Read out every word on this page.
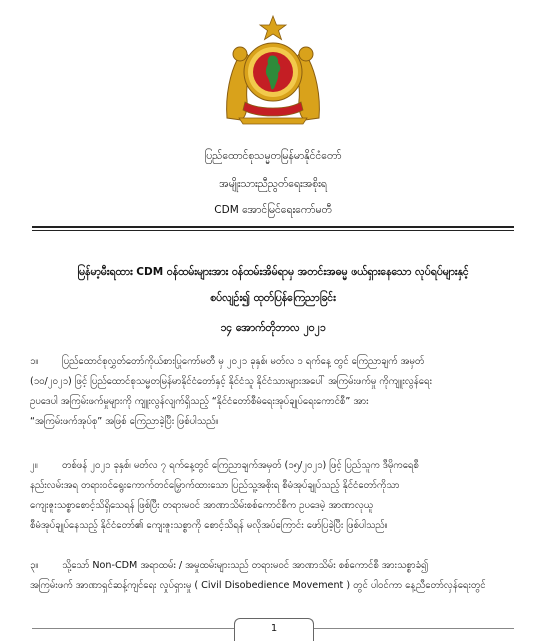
ပြည်ထောင်စုသမ္မတမြန်မာနိုင်ငံတော်
အမျိုးသားညီညွတ်ရေးအစိုးရ
CDM အောင်မြင်ရေးကော်မတီ
မြန်မာ့မီးရထား CDM ဝန်ထမ်းများအား ဝန်ထမ်းအိမ်ရာမှ အတင်းအဓမ္မ ဖယ်ရှားနေသော လုပ်ရပ်များနှင့်
စပ်လျဉ်း၍ ထုတ်ပြန်ကြေညာခြင်း
၁၄ အောက်တိုဘာလ ၂၀၂၁
၁။ ပြည်ထောင်စုလွှတ်တော်ကိုယ်စားပြုကော်မတီ မှ ၂၀၂၁ ခုနှစ်၊ မတ်လ ၁ ရက်နေ့ တွင် ကြေညာချက် အမှတ်
(၁၀/၂၀၂၁) ဖြင့် ပြည်ထောင်စုသမ္မတမြန်မာနိုင်ငံတော်နှင့် နိုင်ငံသူ နိုင်ငံသားများအပေါ် အကြမ်းဖက်မှု ကိုကျူးလွန်ရေး
ဥပဒေပါ အကြမ်းဖက်မှုများကို ကျူးလွန်လျက်ရှိသည့် “နိုင်ငံတော်စီမံရေးအုပ်ချုပ်ရေးကောင်စီ” အား
“အကြမ်းဖက်အုပ်စု” အဖြစ် ကြေညာခဲ့ပြီး ဖြစ်ပါသည်။
၂။	တစ်ဖန် ၂၀၂၁ ခုနှစ်၊ မတ်လ ၇ ရက်နေ့တွင် ကြေညာချက်အမှတ် (၁၅/၂၀၂၁) ဖြင့် ပြည်သူက ဒီမိုကရေစီ
နည်းလမ်းအရ တရားဝင်ရွေးကောက်တင်မြှောက်ထားသော ပြည်သူ့အစိုးရ စီမံအုပ်ချုပ်သည့် နိုင်ငံတော်ကိုသာ
ကျေးဇူးသစ္စာစောင့်သိရှိသေရန် ဖြစ်ပြီး တရားမဝင် အာဏာသိမ်းစစ်ကောင်စီက ဥပဒေမဲ့ အာဏာလုယူ
စီမံအုပ်ချုပ်နေသည့် နိုင်ငံတော်၏ ကျေးဇူးသစ္စာကို စောင့်သိရန် မလိုအပ်ကြောင်း ဖော်ပြခဲ့ပြီး ဖြစ်ပါသည်။
၃။ သို့သော် Non-CDM အရာထမ်း / အမှုထမ်းများသည် တရားမဝင် အာဏာသိမ်း စစ်ကောင်စီ အားသစ္စာခံ၍
အကြမ်းဖက် အာဏာရှင်ဆန့်ကျင်ရေး လှုပ်ရှားမှု ( Civil Disobedience Movement ) တွင် ပါဝင်ကာ နေ့ညီတော်လှန်ရေးတွင်
1
